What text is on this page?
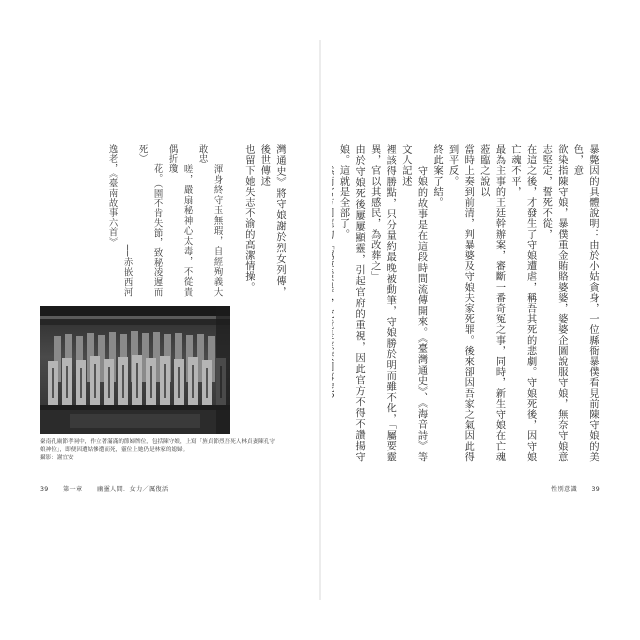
灣通史》將守娘謝於烈女列傳，後世傳述
也留下她失志不渝的高潔情操。

　　渾身終守玉無瑕，自經殉義大敢忠
　　嗟，嚴扇秘神心太毒，不從貴偶折瓊
　　花。（園不肯失節，致秘凌遲而死）
　　　　　　　　　　──赤嵌西河逸老，《臺南故事六首》

臺南孔廟節孝祠中，作立著滿滿的節婦牌位，包括陳守娘，上寫「旌貞節烈吾死人林貞妻陳孔守娘神位」，即便因遭姑慘遭而死，靈位上她仍是林家的媳婦。
攝影：謝宜安
39 第一章 幽靈人間．女力／厲復活
暴斃因的具體說明：由於小姑貪身，一位縣衙暴僕看見前陳守娘的美色，意
欲染指陳守娘，暴僕重金賄賂婆婆，婆婆企圖說服守娘，無奈守娘意志堅定，誓死不從，
在這之後，才發生了守娘遭虐，稱吾其死的悲劇。守娘死後，因守娘亡魂不平，
最為主事的王廷幹辦案，審斷一番奇冤之事，同時，新生守娘在亡魂蒞臨之說以
當時上奏到前清，判暴婆及守娘夫家死罪。後來卻因吾家之氣因此得到平反。
終此案了結。
　　守娘的故事是在這段時間流傳開來。《臺灣通史》、《海音詩》等文人記述
裡該得勝點，只分量約最晚被動筆，守娘勝於明而雖不化，「屬要靈異，官以其感民，為改葬之」
由於守娘死後屢屢顯靈，引起官府的重視，因此官方不得不讚揚守娘。這就是全部了。
性別意識 39
